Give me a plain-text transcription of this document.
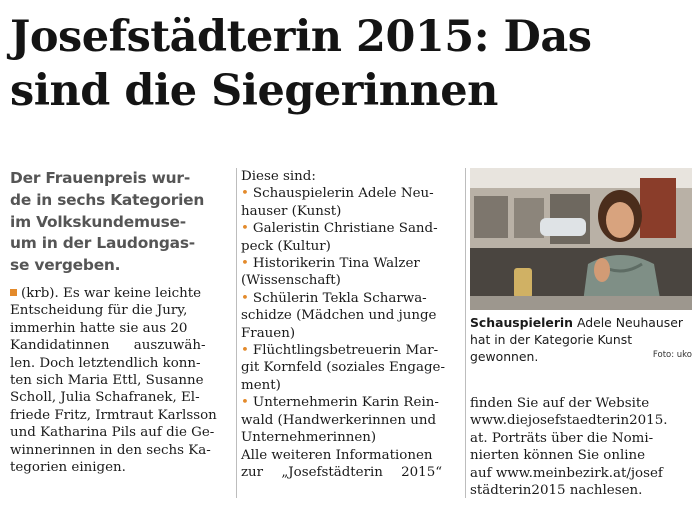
Josefstädterin 2015: Das
sind die Siegerinnen

Der Frauenpreis wur-
de in sechs Kategorien
im Volkskundemuse-
um in der Laudongas-
se vergeben.

(krb). Es war keine leichte
Entscheidung für die Jury,
immerhin hatte sie aus 20
Kandidatinnen auszuwäh-
len. Doch letztendlich konn-
ten sich Maria Ettl, Susanne
Scholl, Julia Schafranek, El-
friede Fritz, Irmtraut Karlsson
und Katharina Pils auf die Ge-
winnerinnen in den sechs Ka-
tegorien einigen.
Diese sind:
• Schauspielerin Adele Neu-
hauser (Kunst)
• Galeristin Christiane Sand-
peck (Kultur)
• Historikerin Tina Walzer
(Wissenschaft)
• Schülerin Tekla Scharwa-
schidze (Mädchen und junge
Frauen)
• Flüchtlingsbetreuerin Mar-
git Kornfeld (soziales Engage-
ment)
• Unternehmerin Karin Rein-
wald (Handwerkerinnen und
Unternehmerinnen)
Alle weiteren Informationen
zur „Josefstädterin 2015“
Schauspielerin Adele Neuhauser
hat in der Kategorie Kunst
gewonnen.	Foto: uko
finden Sie auf der Website
www.diejosefstaedterin2015.
at. Porträts über die Nomi-
nierten können Sie online
auf www.meinbezirk.at/josef
städterin2015 nachlesen.
